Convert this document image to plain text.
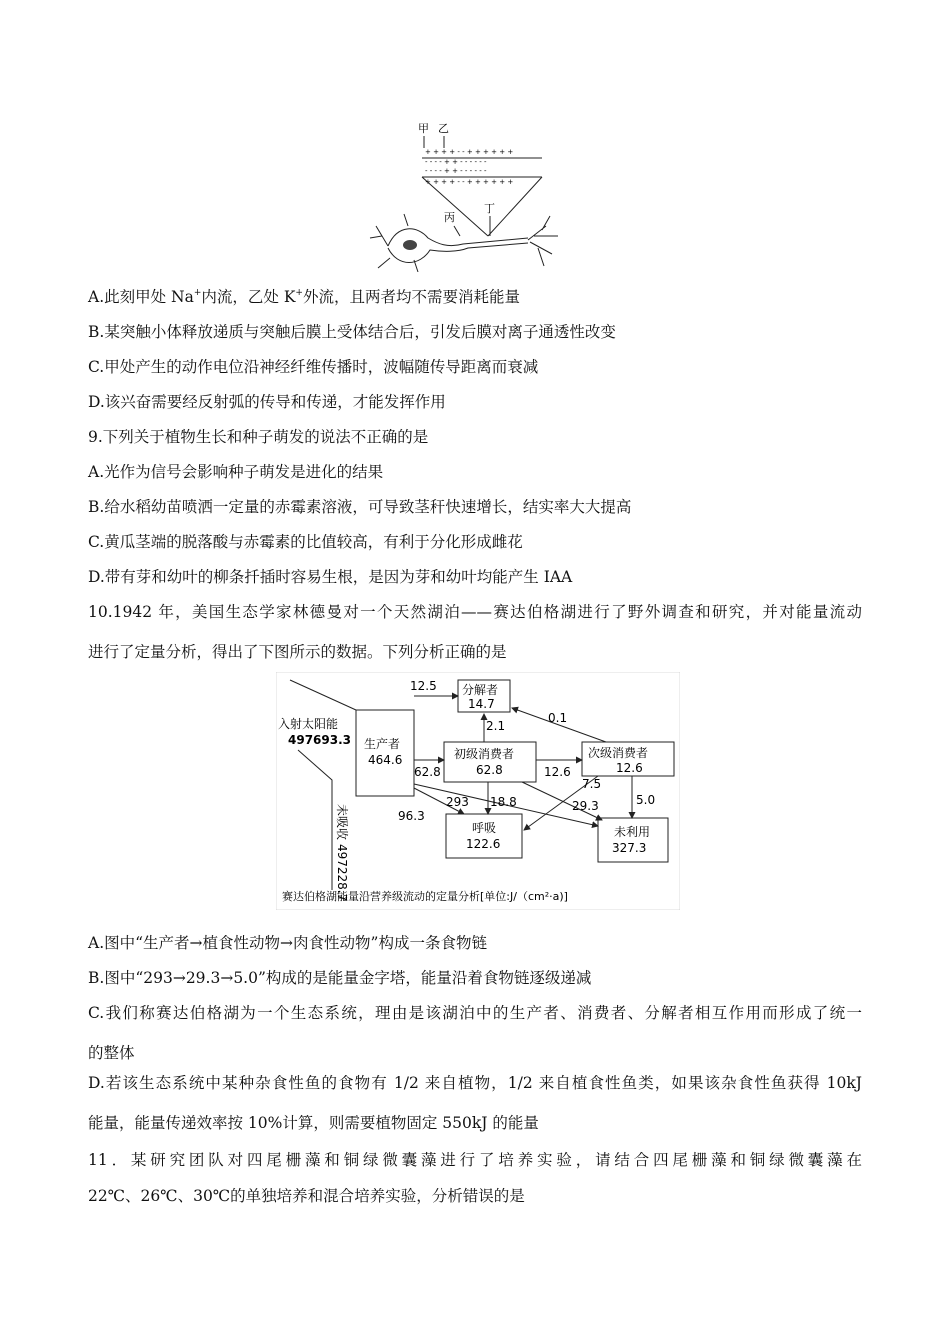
甲 乙
丙
丁
+ + + + - - + + + + + +
- - - - + + - - - - - -
- - - - + + - - - - - -
+ + + + - - + + + + + +
A.此刻甲处 Na+内流，乙处 K+外流，且两者均不需要消耗能量
B.某突触小体释放递质与突触后膜上受体结合后，引发后膜对离子通透性改变
C.甲处产生的动作电位沿神经纤维传播时，波幅随传导距离而衰减
D.该兴奋需要经反射弧的传导和传递，才能发挥作用
9.下列关于植物生长和种子萌发的说法不正确的是
A.光作为信号会影响种子萌发是进化的结果
B.给水稻幼苗喷洒一定量的赤霉素溶液，可导致茎秆快速增长，结实率大大提高
C.黄瓜茎端的脱落酸与赤霉素的比值较高，有利于分化形成雌花
D.带有芽和幼叶的柳条扦插时容易生根，是因为芽和幼叶均能产生 IAA
10.1942 年，美国生态学家林德曼对一个天然湖泊——赛达伯格湖进行了野外调查和研究，并对能量流动
进行了定量分析，得出了下图所示的数据。下列分析正确的是
入射太阳能
497693.3
未吸收
497228.7
生产者
464.6
分解者
14.7
初级消费者
62.8
次级消费者
12.6
呼吸
122.6
未利用
327.3
12.5
2.1
0.1
62.8	12.6
96.3
293 18.8	29.3
7.5
5.0
赛达伯格湖能量沿营养级流动的定量分析[单位:J/（cm²·a)]
A.图中“生产者→植食性动物→肉食性动物”构成一条食物链
B.图中“293→29.3→5.0”构成的是能量金字塔，能量沿着食物链逐级递减
C.我们称赛达伯格湖为一个生态系统，理由是该湖泊中的生产者、消费者、分解者相互作用而形成了统一
的整体
D.若该生态系统中某种杂食性鱼的食物有 1/2 来自植物，1/2 来自植食性鱼类，如果该杂食性鱼获得 10kJ
能量，能量传递效率按 10%计算，则需要植物固定 550kJ 的能量
11．某研究团队对四尾栅藻和铜绿微囊藻进行了培养实验，请结合四尾栅藻和铜绿微囊藻在
22℃、26℃、30℃的单独培养和混合培养实验，分析错误的是
